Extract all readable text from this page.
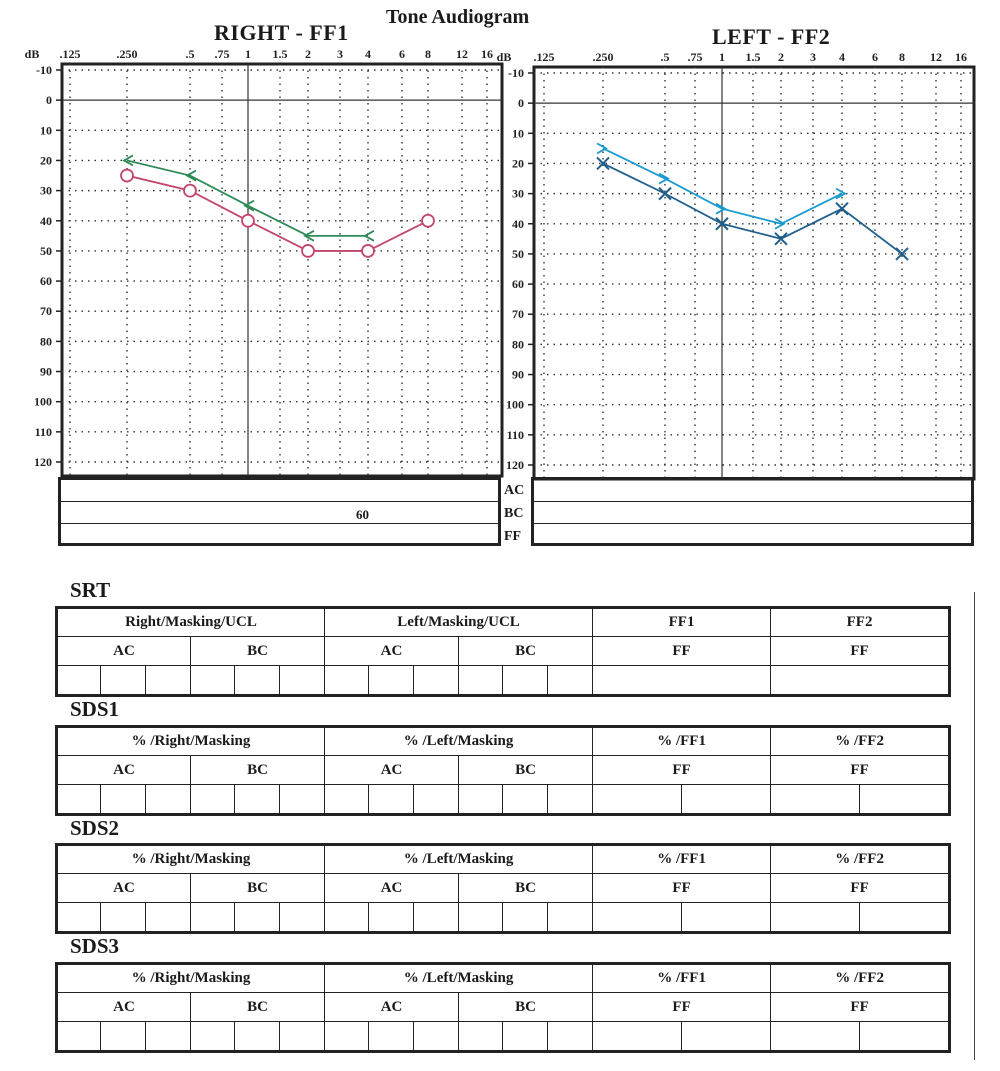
Tone Audiogram
RIGHT - FF1	LEFT - FF2
.125	.250	.5 .75 1 1.5 2 3 4 6 8 12 16
dB
-10
0
10
20
30
40
50
60
70
80
90
100
110
120
.125	.250	.5 .75 1 1.5 2 3 4 6 8 12 16
dB
-10
0
10
20
30
40
50
60
70
80
90
100
110
120
60
AC
BC
FF
SRT
SDS1
SDS2
SDS3
Right/Masking/UCL						Left/Masking/UCL						FF1	FF2
AC			BC			AC			BC			FF	FF

% /Right/Masking						% /Left/Masking						% /FF1		% /FF2	
AC			BC			AC			BC			FF		FF	

% /Right/Masking						% /Left/Masking						% /FF1		% /FF2	
AC			BC			AC			BC			FF		FF	

% /Right/Masking						% /Left/Masking						% /FF1		% /FF2	
AC			BC			AC			BC			FF		FF	
